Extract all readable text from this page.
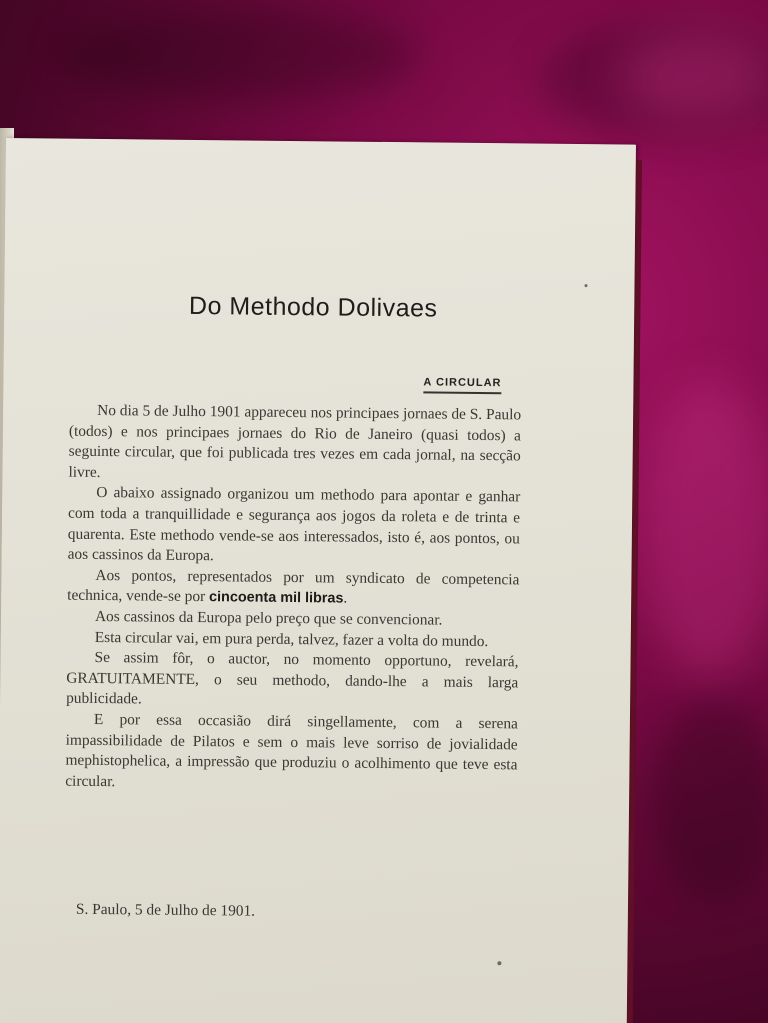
Do Methodo Dolivaes
A CIRCULAR

No dia 5 de Julho 1901 appareceu nos principaes jornaes de S. Paulo (todos) e nos principaes jornaes do Rio de Janeiro (quasi todos) a seguinte circular, que foi publicada tres vezes em cada jornal, na secção livre.

O abaixo assignado organizou um methodo para apontar e ganhar com toda a tranquillidade e segurança aos jogos da roleta e de trinta e quarenta. Este methodo vende-se aos interessados, isto é, aos pontos, ou aos cassinos da Europa.

Aos pontos, representados por um syndicato de competencia technica, vende-se por cincoenta mil libras.

Aos cassinos da Europa pelo preço que se convencionar.

Esta circular vai, em pura perda, talvez, fazer a volta do mundo.

Se assim fôr, o auctor, no momento opportuno, revelará, GRATUITAMENTE, o seu methodo, dando-lhe a mais larga publicidade.

E por essa occasião dirá singellamente, com a serena impassibilidade de Pilatos e sem o mais leve sorriso de jovialidade mephistophelica, a impressão que produziu o acolhimento que teve esta circular.

S. Paulo, 5 de Julho de 1901.
